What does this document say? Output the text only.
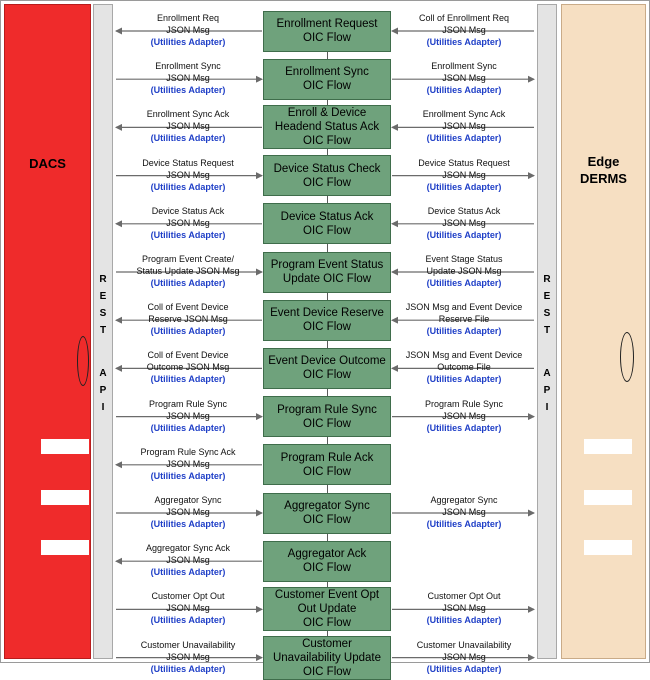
DACS
R
E
S
T
A
P
I
R
E
S
T
A
P
I
Edge
DERMS
Enrollment Request
OIC Flow
Enrollment Req
JSON Msg
(Utilities Adapter)
Coll of Enrollment Req
JSON Msg
(Utilities Adapter)
Enrollment Sync
OIC Flow
Enrollment Sync
JSON Msg
(Utilities Adapter)
Enrollment Sync
JSON Msg
(Utilities Adapter)
Enroll & Device
Headend Status Ack
OIC Flow
Enrollment Sync Ack
JSON Msg
(Utilities Adapter)
Enrollment Sync Ack
JSON Msg
(Utilities Adapter)
Device Status Check
OIC Flow
Device Status Request
JSON Msg
(Utilities Adapter)
Device Status Request
JSON Msg
(Utilities Adapter)
Device Status Ack
OIC Flow
Device Status Ack
JSON Msg
(Utilities Adapter)
Device Status Ack
JSON Msg
(Utilities Adapter)
Program Event Status
Update OIC Flow
Program Event Create/
Status Update JSON Msg
(Utilities Adapter)
Event Stage Status
Update JSON Msg
(Utilities Adapter)
Event Device Reserve
OIC Flow
Coll of Event Device
Reserve JSON Msg
(Utilities Adapter)
JSON Msg and Event Device
Reserve File
(Utilities Adapter)
Event Device Outcome
OIC Flow
Coll of Event Device
Outcome JSON Msg
(Utilities Adapter)
JSON Msg and Event Device
Outcome File
(Utilities Adapter)
Program Rule Sync
OIC Flow
Program Rule Sync
JSON Msg
(Utilities Adapter)
Program Rule Sync
JSON Msg
(Utilities Adapter)
Program Rule Ack
OIC Flow
Program Rule Sync Ack
JSON Msg
(Utilities Adapter)
Aggregator Sync
OIC Flow
Aggregator Sync
JSON Msg
(Utilities Adapter)
Aggregator Sync
JSON Msg
(Utilities Adapter)
Aggregator Ack
OIC Flow
Aggregator Sync Ack
JSON Msg
(Utilities Adapter)
Customer Event Opt
Out Update
OIC Flow
Customer Opt Out
JSON Msg
(Utilities Adapter)
Customer Opt Out
JSON Msg
(Utilities Adapter)
Customer
Unavailability Update
OIC Flow
Customer Unavailability
JSON Msg
(Utilities Adapter)
Customer Unavailability
JSON Msg
(Utilities Adapter)
